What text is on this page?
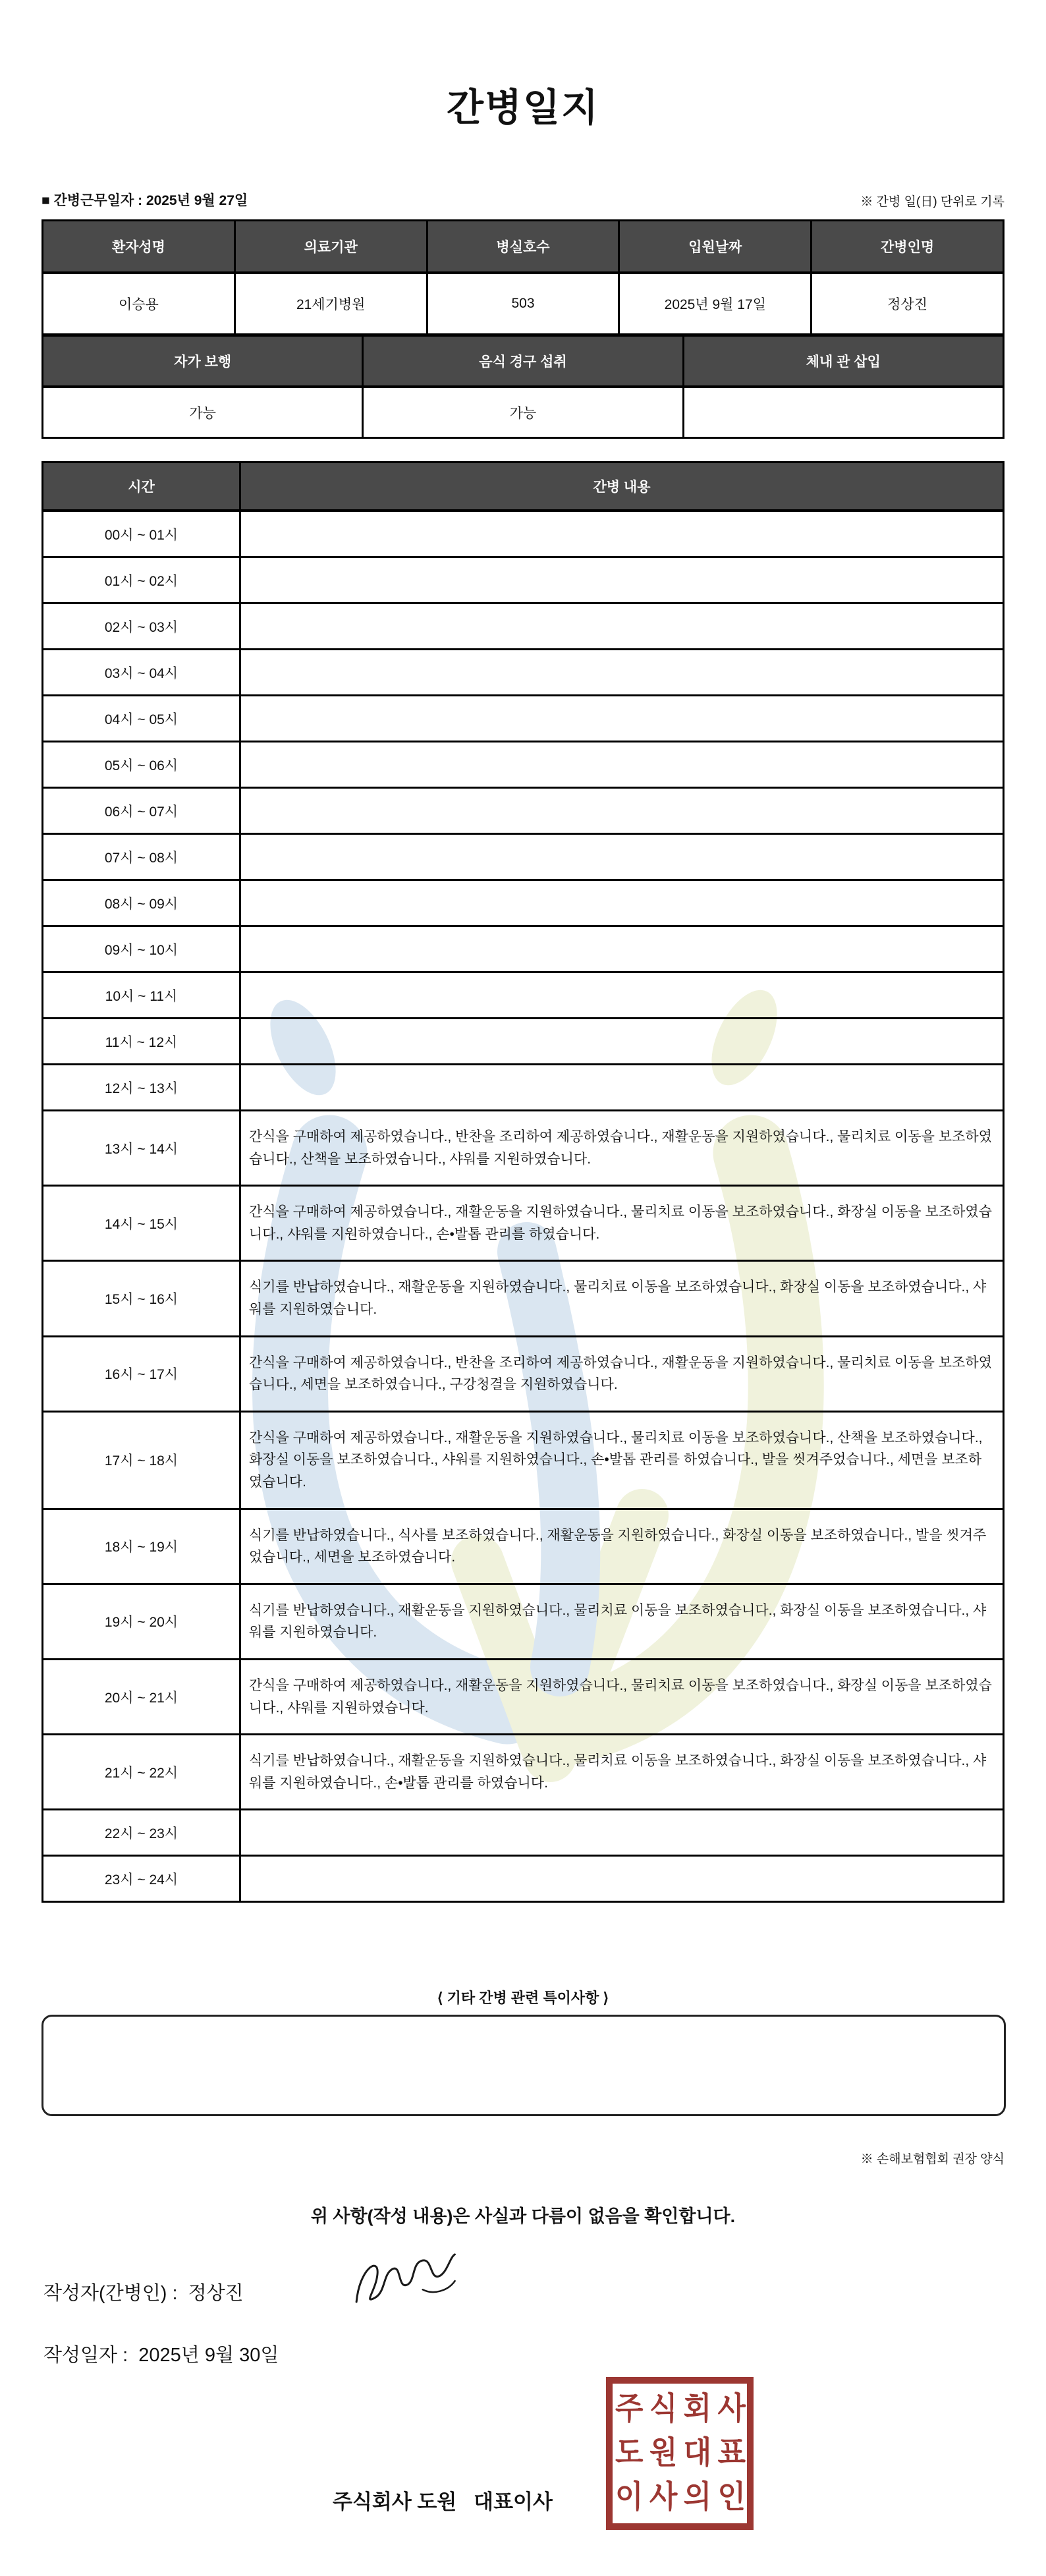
간병일지
■ 간병근무일자 : 2025년 9월 27일	※ 간병 일(日) 단위로 기록
환자성명	의료기관	병실호수	입원날짜	간병인명
이승용	21세기병원	503	2025년 9월 17일	정상진
자가 보행	음식 경구 섭취	체내 관 삽입
가능	가능	
시간	간병 내용
00시 ~ 01시	
01시 ~ 02시	
02시 ~ 03시	
03시 ~ 04시	
04시 ~ 05시	
05시 ~ 06시	
06시 ~ 07시	
07시 ~ 08시	
08시 ~ 09시	
09시 ~ 10시	
10시 ~ 11시	
11시 ~ 12시	
12시 ~ 13시	
13시 ~ 14시	간식을 구매하여 제공하였습니다., 반찬을 조리하여 제공하였습니다., 재활운동을 지원하였습니다., 물리치료 이동을 보조하였습니다., 산책을 보조하였습니다., 샤워를 지원하였습니다.
14시 ~ 15시	간식을 구매하여 제공하였습니다., 재활운동을 지원하였습니다., 물리치료 이동을 보조하였습니다., 화장실 이동을 보조하였습니다., 샤워를 지원하였습니다., 손•발톱 관리를 하였습니다.
15시 ~ 16시	식기를 반납하였습니다., 재활운동을 지원하였습니다., 물리치료 이동을 보조하였습니다., 화장실 이동을 보조하였습니다., 샤워를 지원하였습니다.
16시 ~ 17시	간식을 구매하여 제공하였습니다., 반찬을 조리하여 제공하였습니다., 재활운동을 지원하였습니다., 물리치료 이동을 보조하였습니다., 세면을 보조하였습니다., 구강청결을 지원하였습니다.
17시 ~ 18시	간식을 구매하여 제공하였습니다., 재활운동을 지원하였습니다., 물리치료 이동을 보조하였습니다., 산책을 보조하였습니다., 화장실 이동을 보조하였습니다., 샤워를 지원하였습니다., 손•발톱 관리를 하였습니다., 발을 씻겨주었습니다., 세면을 보조하였습니다.
18시 ~ 19시	식기를 반납하였습니다., 식사를 보조하였습니다., 재활운동을 지원하였습니다., 화장실 이동을 보조하였습니다., 발을 씻겨주었습니다., 세면을 보조하였습니다.
19시 ~ 20시	식기를 반납하였습니다., 재활운동을 지원하였습니다., 물리치료 이동을 보조하였습니다., 화장실 이동을 보조하였습니다., 샤워를 지원하였습니다.
20시 ~ 21시	간식을 구매하여 제공하였습니다., 재활운동을 지원하였습니다., 물리치료 이동을 보조하였습니다., 화장실 이동을 보조하였습니다., 샤워를 지원하였습니다.
21시 ~ 22시	식기를 반납하였습니다., 재활운동을 지원하였습니다., 물리치료 이동을 보조하였습니다., 화장실 이동을 보조하였습니다., 샤워를 지원하였습니다., 손•발톱 관리를 하였습니다.
22시 ~ 23시	
23시 ~ 24시	
⟨ 기타 간병 관련 특이사항 ⟩
※ 손해보험협회 권장 양식
위 사항(작성 내용)은 사실과 다름이 없음을 확인합니다.
작성자(간병인) :  정상진
작성일자 :  2025년 9월 30일
주식회사 도원   대표이사
주 식 회 사
도 원 대 표
이 사 의 인
